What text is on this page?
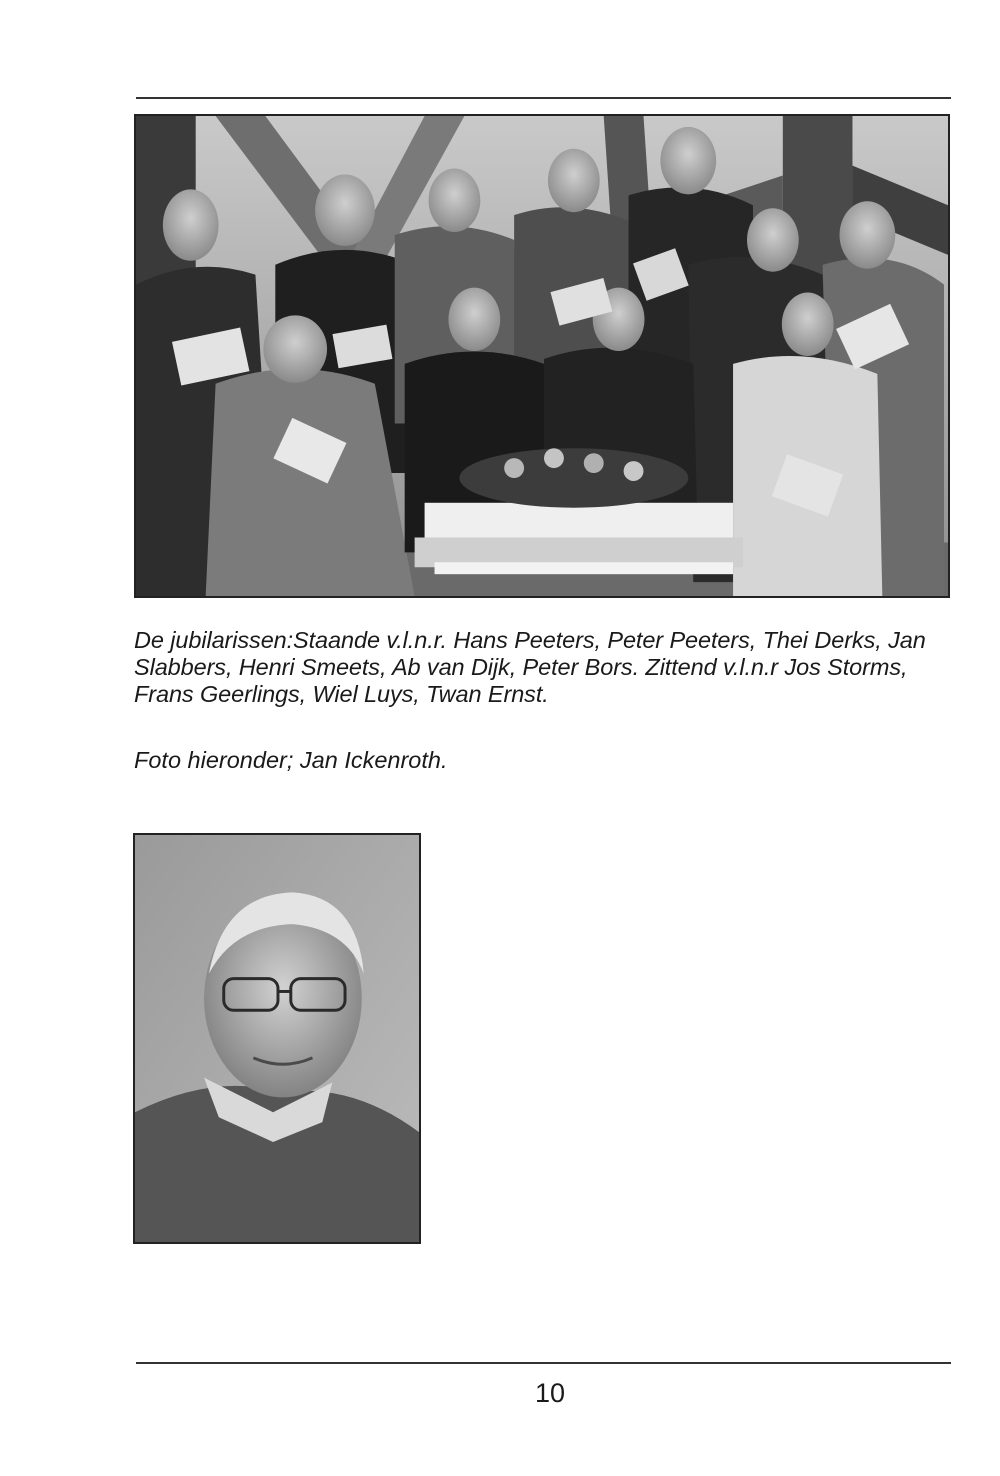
De jubilarissen:Staande v.l.n.r. Hans Peeters, Peter Peeters, Thei Derks, Jan Slabbers, Henri Smeets, Ab van Dijk, Peter Bors. Zittend v.l.n.r Jos Storms, Frans Geerlings, Wiel Luys, Twan Ernst.

Foto hieronder; Jan Ickenroth.

10
